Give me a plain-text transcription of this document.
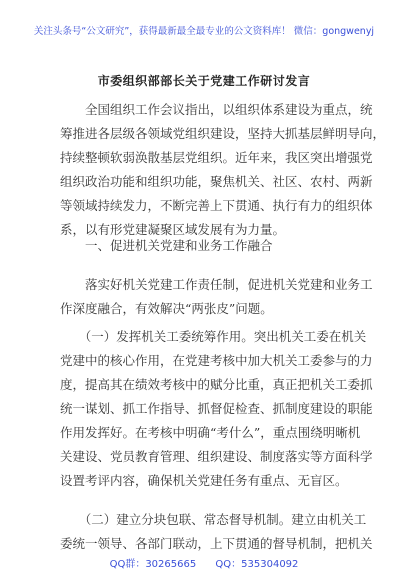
关注头条号“公文研究”，获得最新最全最专业的公文资料库！ 微信：gongwenyj
市委组织部部长关于党建工作研讨发言
　　全国组织工作会议指出，以组织体系建设为重点，统
筹推进各层级各领域党组织建设，坚持大抓基层鲜明导向，
持续整顿软弱涣散基层党组织。近年来，我区突出增强党
组织政治功能和组织功能，聚焦机关、社区、农村、两新
等领域持续发力，不断完善上下贯通、执行有力的组织体
系，以有形党建凝聚区域发展有为力量。
　　一、促进机关党建和业务工作融合
　　落实好机关党建工作责任制，促进机关党建和业务工
作深度融合，有效解决“两张皮”问题。
　　（一）发挥机关工委统筹作用。突出机关工委在机关
党建中的核心作用，在党建考核中加大机关工委参与的力
度，提高其在绩效考核中的赋分比重，真正把机关工委抓
统一谋划、抓工作指导、抓督促检查、抓制度建设的职能
作用发挥好。在考核中明确“考什么”，重点围绕明晰机
关建设、党员教育管理、组织建设、制度落实等方面科学
设置考评内容，确保机关党建任务有重点、无盲区。
　　（二）建立分块包联、常态督导机制。建立由机关工
委统一领导、各部门联动，上下贯通的督导机制，把机关
QQ群：30265665 QQ：535304092
